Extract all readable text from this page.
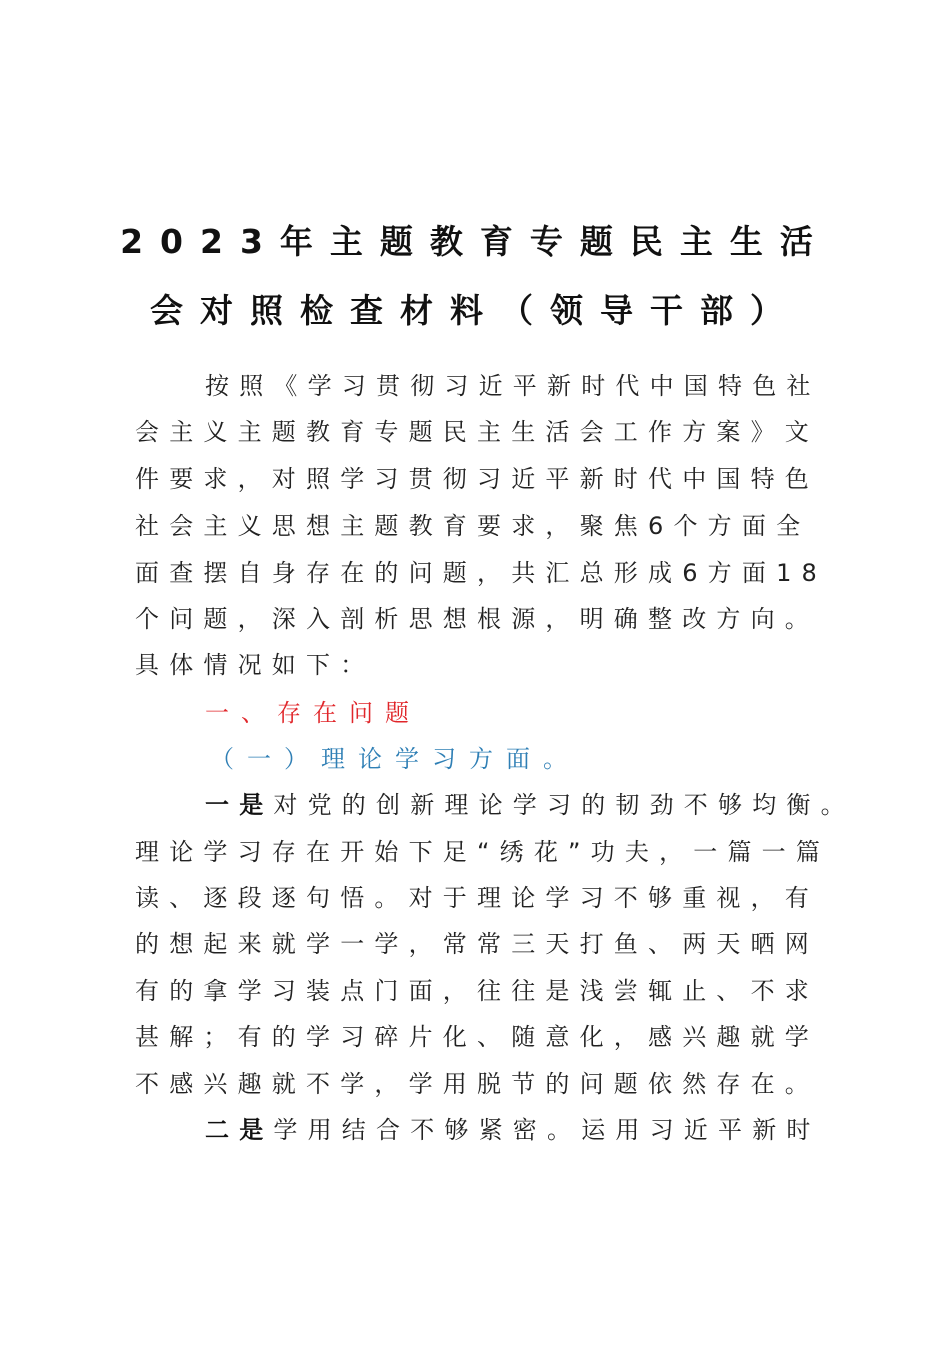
2023年主题教育专题民主生活
会对照检查材料（领导干部）
按照《学习贯彻习近平新时代中国特色社
会主义主题教育专题民主生活会工作方案》文
件要求，对照学习贯彻习近平新时代中国特色
社会主义思想主题教育要求，聚焦6个方面全
面查摆自身存在的问题，共汇总形成6方面18
个问题，深入剖析思想根源，明确整改方向。
具体情况如下：
一、存在问题
（一）理论学习方面。
一是对党的创新理论学习的韧劲不够均衡。
理论学习存在开始下足“绣花”功夫，一篇一篇
读、逐段逐句悟。对于理论学习不够重视，有
的想起来就学一学，常常三天打鱼、两天晒网
有的拿学习装点门面，往往是浅尝辄止、不求
甚解；有的学习碎片化、随意化，感兴趣就学
不感兴趣就不学，学用脱节的问题依然存在。
二是学用结合不够紧密。运用习近平新时
